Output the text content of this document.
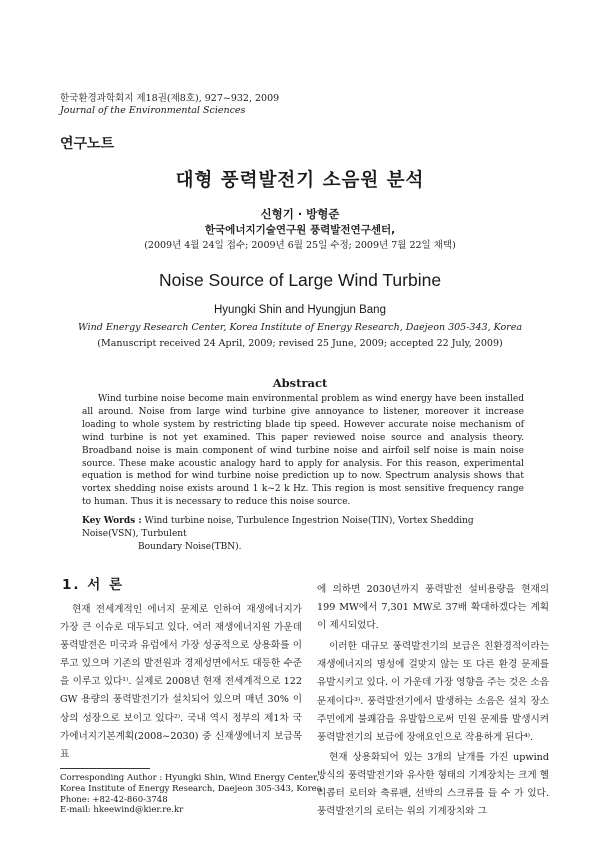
한국환경과학회지 제18권(제8호), 927~932, 2009
Journal of the Environmental Sciences
연구노트
대형 풍력발전기 소음원 분석
신형기 · 방형준
한국에너지기술연구원 풍력발전연구센터,
(2009년 4월 24일 접수; 2009년 6월 25일 수정; 2009년 7월 22일 채택)
Noise Source of Large Wind Turbine
Hyungki Shin and Hyungjun Bang
Wind Energy Research Center, Korea Institute of Energy Research, Daejeon 305-343, Korea
(Manuscript received 24 April, 2009; revised 25 June, 2009; accepted 22 July, 2009)
Abstract
Wind turbine noise become main environmental problem as wind energy have been installed all around. Noise from large wind turbine give annoyance to listener, moreover it increase loading to whole system by restricting blade tip speed. However accurate noise mechanism of wind turbine is not yet examined. This paper reviewed noise source and analysis theory. Broadband noise is main component of wind turbine noise and airfoil self noise is main noise source. These make acoustic analogy hard to apply for analysis. For this reason, experimental equation is method for wind turbine noise prediction up to now. Spectrum analysis shows that vortex shedding noise exists around 1 k~2 k Hz. This region is most sensitive frequency range to human. Thus it is necessary to reduce this noise source.
Key Words : Wind turbine noise, Turbulence Ingestrion Noise(TIN), Vortex Shedding Noise(VSN), Turbulent
Boundary Noise(TBN).
1. 서 론

현재 전세계적인 에너지 문제로 인하여 재생에너지가 가장 큰 이슈로 대두되고 있다. 여러 재생에너지원 가운데 풍력발전은 미국과 유럽에서 가장 성공적으로 상용화를 이루고 있으며 기존의 발전원과 경제성면에서도 대등한 수준을 이루고 있다¹⁾. 실제로 2008년 현재 전세계적으로 122 GW 용량의 풍력발전기가 설치되어 있으며 매년 30% 이상의 성장으로 보이고 있다²⁾. 국내 역시 정부의 제1차 국가에너지기본계획(2008~2030) 중 신재생에너지 보급목표

에 의하면 2030년까지 풍력발전 설비용량을 현재의 199 MW에서 7,301 MW로 37배 확대하겠다는 계획이 제시되었다.

이러한 대규모 풍력발전기의 보급은 친환경적이라는 재생에너지의 명성에 걸맞지 않는 또 다른 환경 문제를 유발시키고 있다. 이 가운데 가장 영향을 주는 것은 소음 문제이다³⁾. 풍력발전기에서 발생하는 소음은 설치 장소 주민에게 불쾌감을 유발함으로써 민원 문제를 발생시켜 풍력발전기의 보급에 장애요인으로 작용하게 된다⁴⁾.

현재 상용화되어 있는 3개의 날개를 가진 upwind 방식의 풍력발전기와 유사한 형태의 기계장치는 크게 헬리콥터 로터와 축류팬, 선박의 스크류를 들 수 가 있다. 풍력발전기의 로터는 위의 기계장치와 그

Corresponding Author : Hyungki Shin, Wind Energy Center,
Korea Institute of Energy Research, Daejeon 305-343, Korea
Phone: +82-42-860-3748
E-mail: hkeewind@kier.re.kr
